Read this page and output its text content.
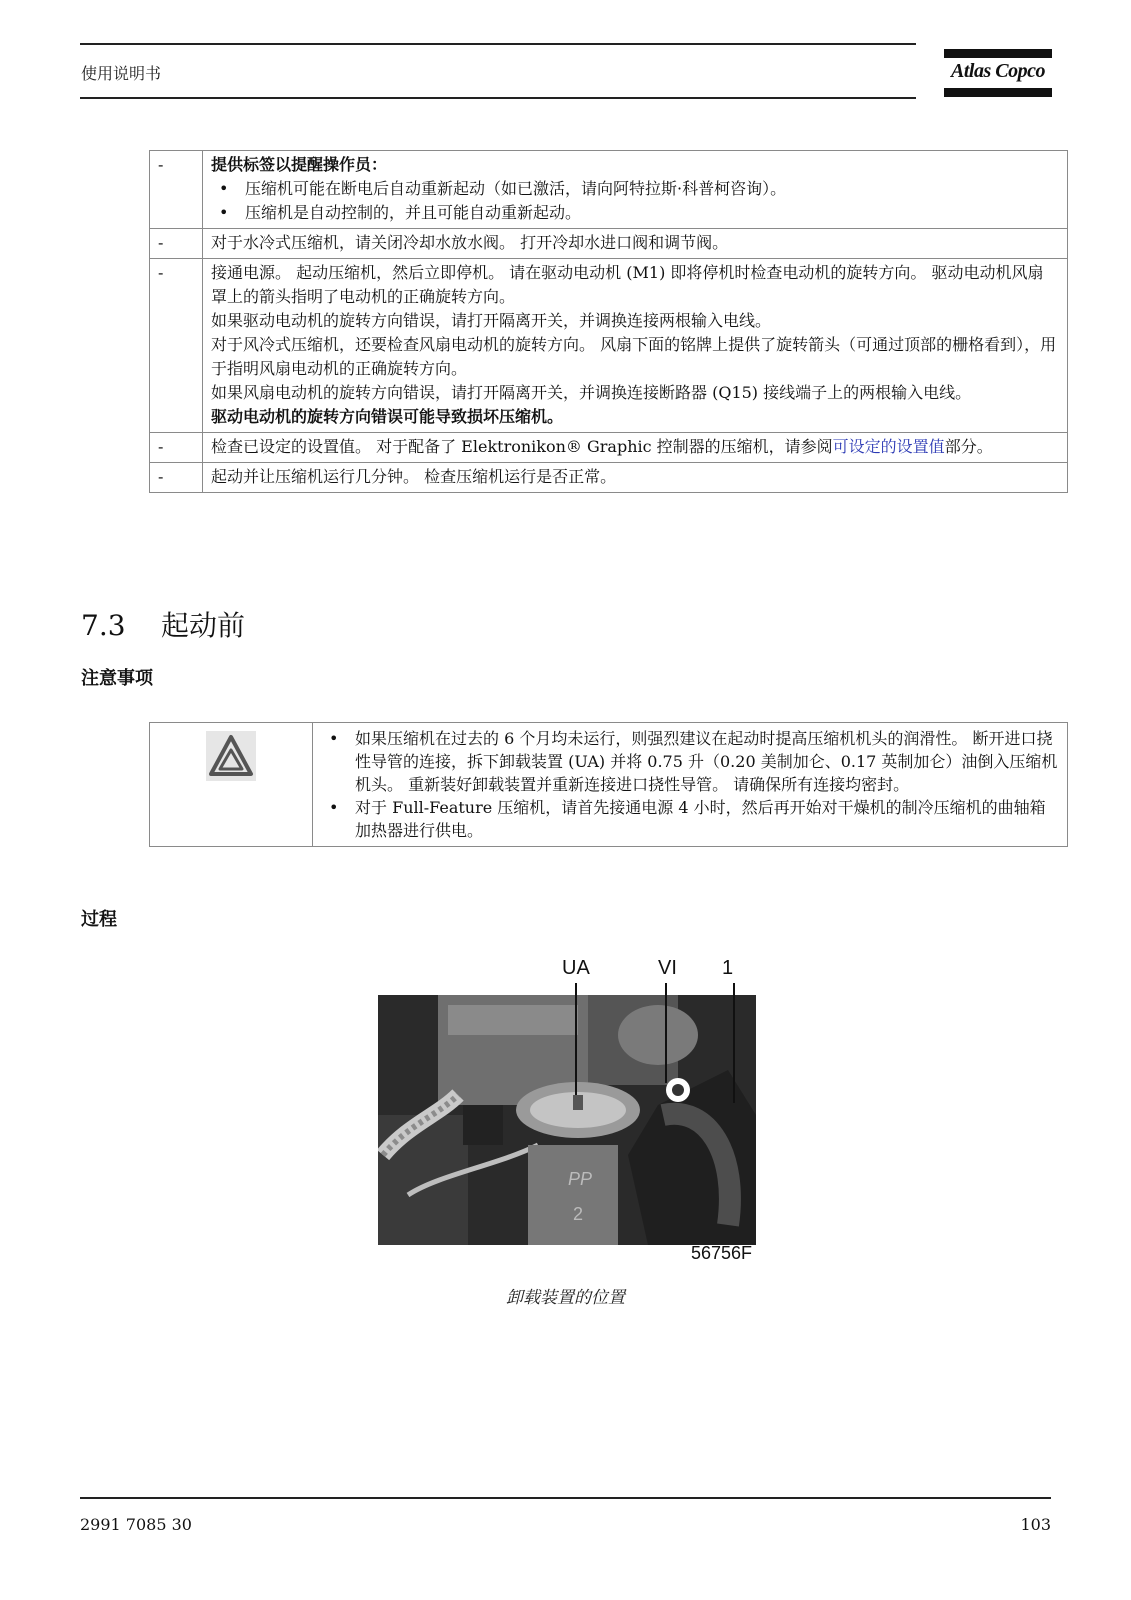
使用说明书	Atlas Copco
-	提供标签以提醒操作员：
• 压缩机可能在断电后自动重新起动（如已激活，请向阿特拉斯·科普柯咨询）。
• 压缩机是自动控制的，并且可能自动重新起动。

-	对于水冷式压缩机，请关闭冷却水放水阀。 打开冷却水进口阀和调节阀。
-	接通电源。 起动压缩机，然后立即停机。 请在驱动电动机 (M1) 即将停机时检查电动机的旋转方向。 驱动电动机风扇罩上的箭头指明了电动机的正确旋转方向。
如果驱动电动机的旋转方向错误，请打开隔离开关，并调换连接两根输入电线。
对于风冷式压缩机，还要检查风扇电动机的旋转方向。 风扇下面的铭牌上提供了旋转箭头（可通过顶部的栅格看到），用于指明风扇电动机的正确旋转方向。
如果风扇电动机的旋转方向错误，请打开隔离开关，并调换连接断路器 (Q15) 接线端子上的两根输入电线。
驱动电动机的旋转方向错误可能导致损坏压缩机。

-	检查已设定的设置值。 对于配备了 Elektronikon® Graphic 控制器的压缩机，请参阅可设定的设置值部分。
-	起动并让压缩机运行几分钟。 检查压缩机运行是否正常。
7.3 起动前
注意事项

• 如果压缩机在过去的 6 个月均未运行，则强烈建议在起动时提高压缩机机头的润滑性。 断开进口挠性导管的连接，拆下卸载装置 (UA) 并将 0.75 升（0.20 美制加仑、0.17 英制加仑）油倒入压缩机机头。 重新装好卸载装置并重新连接进口挠性导管。 请确保所有连接均密封。
• 对于 Full-Feature 压缩机，请首先接通电源 4 小时，然后再开始对干燥机的制冷压缩机的曲轴箱加热器进行供电。
过程
UA	VI 1
PP
2
56756F
卸载装置的位置
2991 7085 30	103
